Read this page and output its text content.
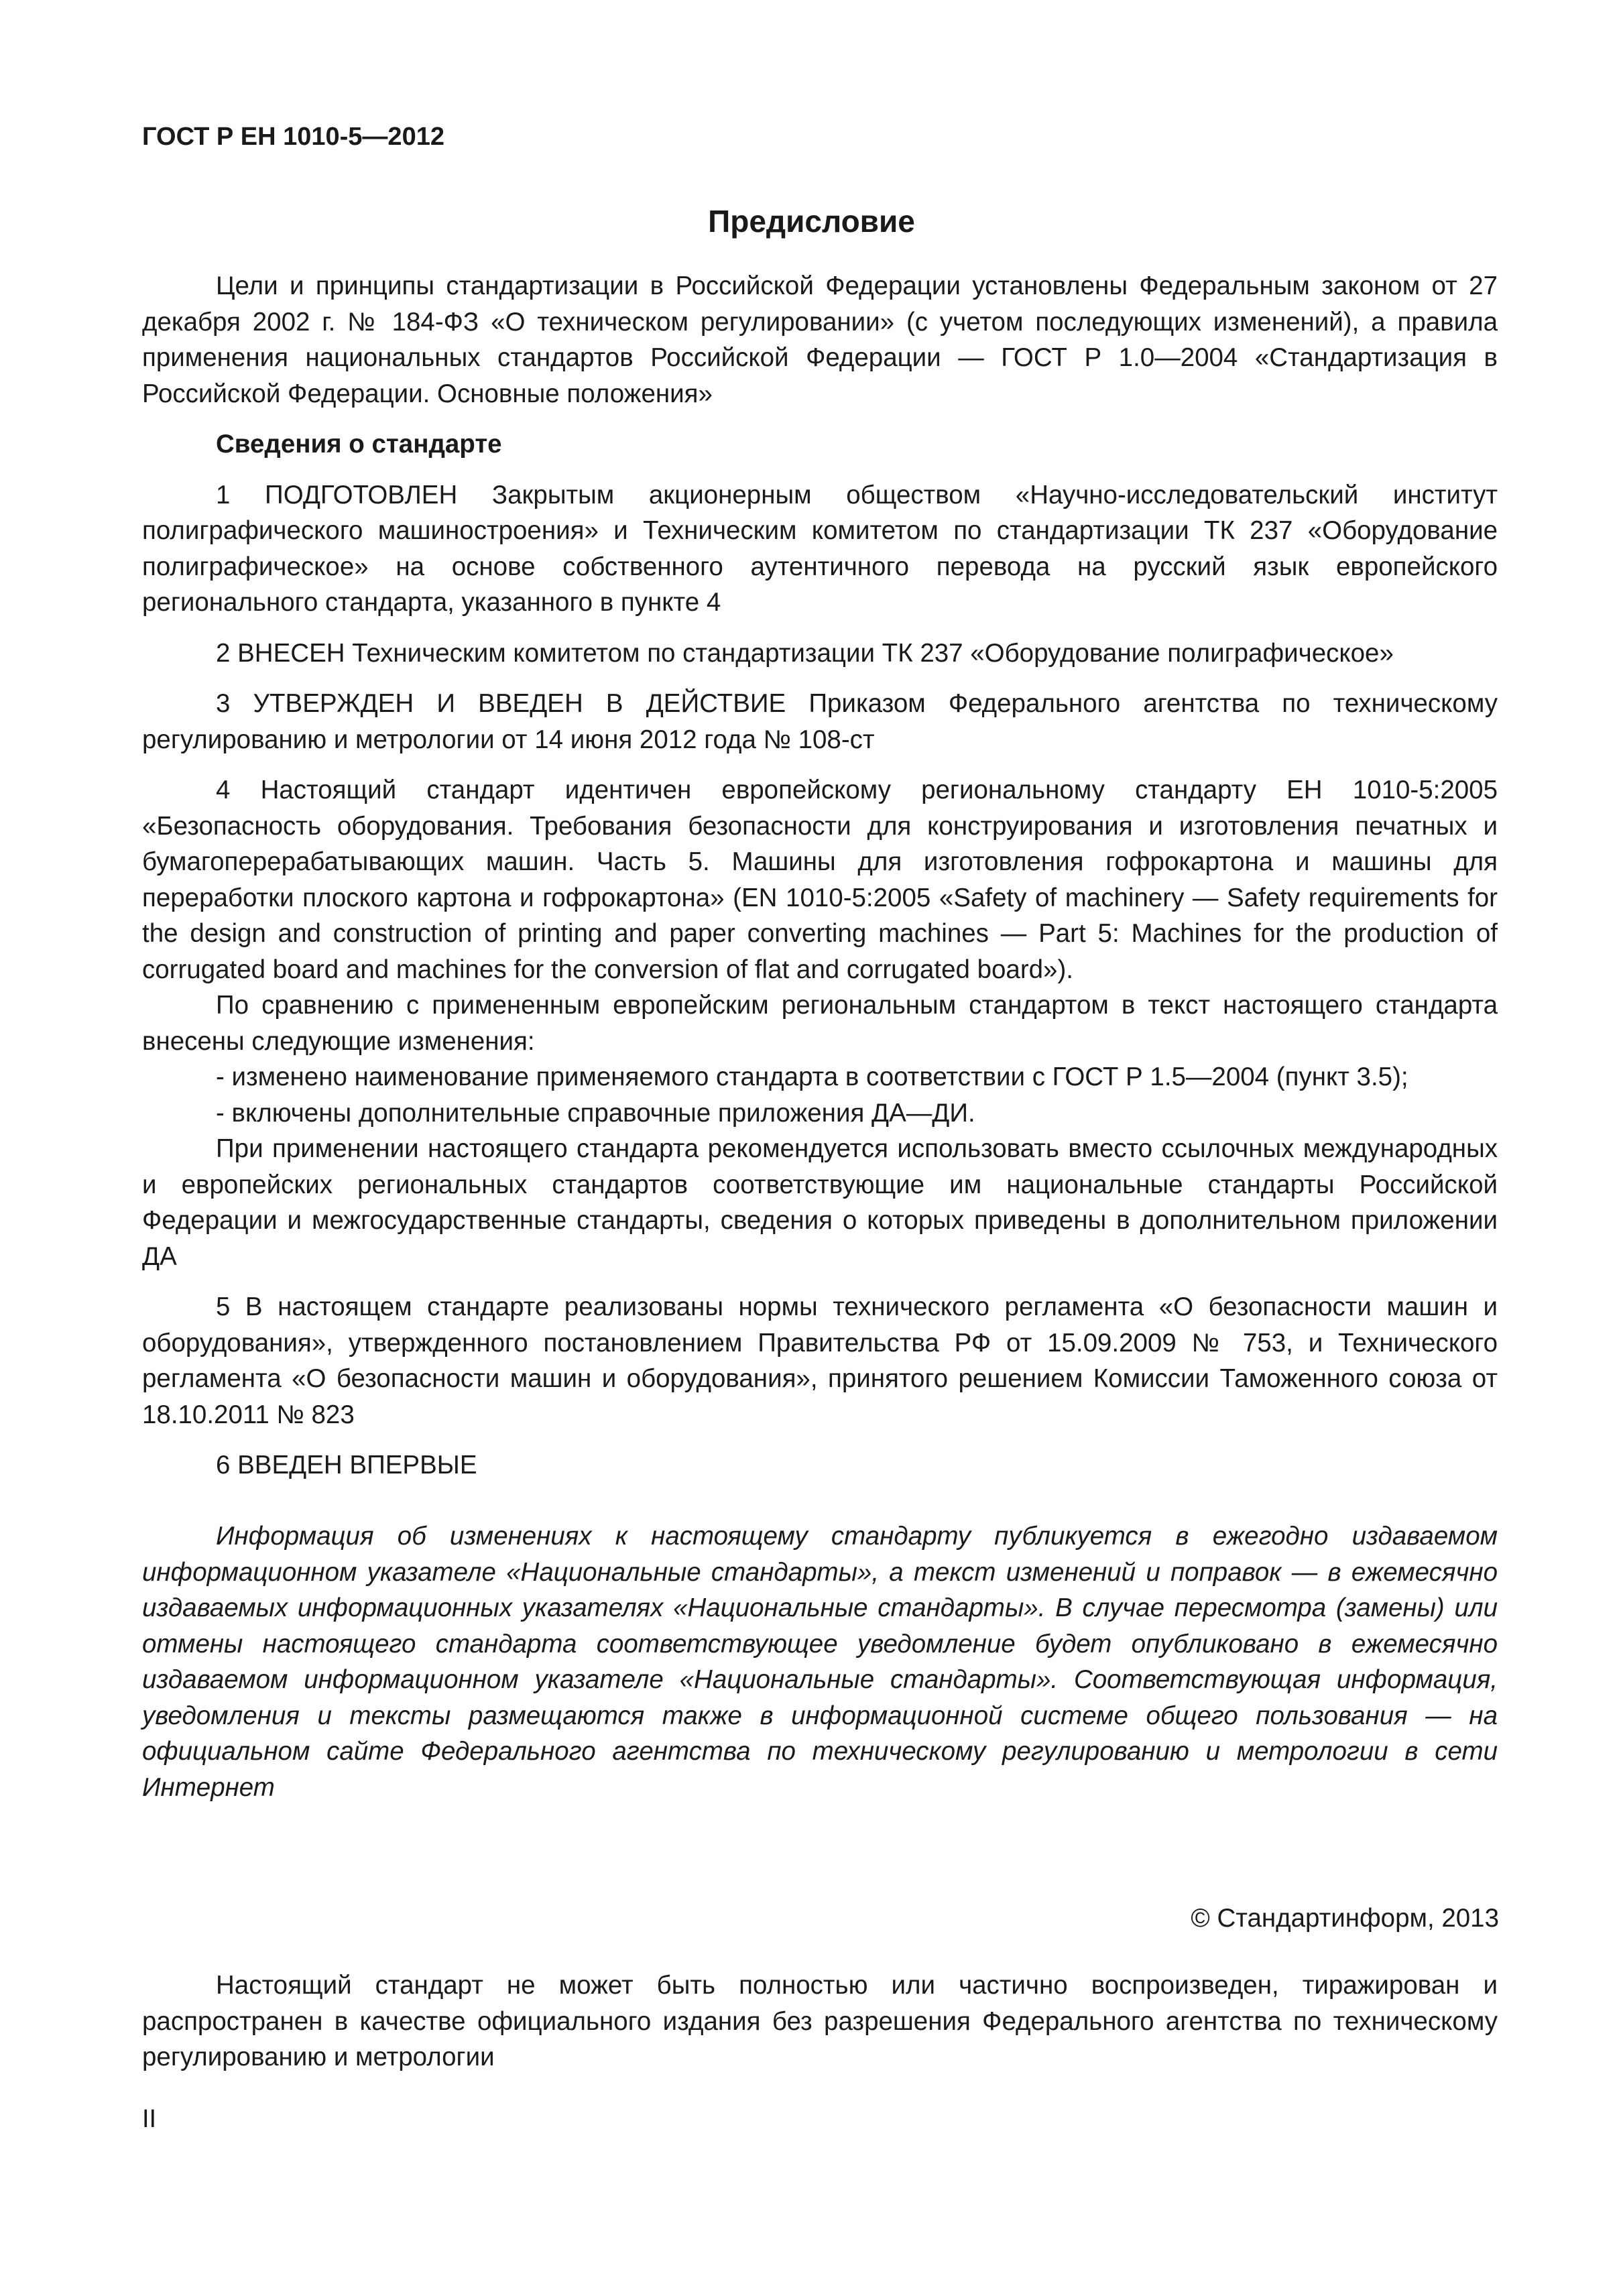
ГОСТ Р ЕН 1010-5—2012
Предисловие

Цели и принципы стандартизации в Российской Федерации установлены Федеральным законом от 27 декабря 2002 г. № 184-ФЗ «О техническом регулировании» (с учетом последующих изменений), а правила применения национальных стандартов Российской Федерации — ГОСТ Р 1.0—2004 «Стандартизация в Российской Федерации. Основные положения»

Сведения о стандарте

1 ПОДГОТОВЛЕН Закрытым акционерным обществом «Научно-исследовательский институт полиграфического машиностроения» и Техническим комитетом по стандартизации ТК 237 «Оборудование полиграфическое» на основе собственного аутентичного перевода на русский язык европейского регионального стандарта, указанного в пункте 4

2 ВНЕСЕН Техническим комитетом по стандартизации ТК 237 «Оборудование полиграфическое»

3 УТВЕРЖДЕН И ВВЕДЕН В ДЕЙСТВИЕ Приказом Федерального агентства по техническому регулированию и метрологии от 14 июня 2012 года № 108-ст

4 Настоящий стандарт идентичен европейскому региональному стандарту ЕН 1010-5:2005 «Безопасность оборудования. Требования безопасности для конструирования и изготовления печатных и бумагоперерабатывающих машин. Часть 5. Машины для изготовления гофрокартона и машины для переработки плоского картона и гофрокартона» (EN 1010-5:2005 «Safety of machinery — Safety requirements for the design and construction of printing and paper converting machines — Part 5: Machines for the production of corrugated board and machines for the conversion of flat and corrugated board»).

По сравнению с примененным европейским региональным стандартом в текст настоящего стандарта внесены следующие изменения:

- изменено наименование применяемого стандарта в соответствии с ГОСТ Р 1.5—2004 (пункт 3.5);

- включены дополнительные справочные приложения ДА—ДИ.

При применении настоящего стандарта рекомендуется использовать вместо ссылочных международных и европейских региональных стандартов соответствующие им национальные стандарты Российской Федерации и межгосударственные стандарты, сведения о которых приведены в дополнительном приложении ДА

5 В настоящем стандарте реализованы нормы технического регламента «О безопасности машин и оборудования», утвержденного постановлением Правительства РФ от 15.09.2009 № 753, и Технического регламента «О безопасности машин и оборудования», принятого решением Комиссии Таможенного союза от 18.10.2011 № 823

6 ВВЕДЕН ВПЕРВЫЕ

Информация об изменениях к настоящему стандарту публикуется в ежегодно издаваемом информационном указателе «Национальные стандарты», а текст изменений и поправок — в ежемесячно издаваемых информационных указателях «Национальные стандарты». В случае пересмотра (замены) или отмены настоящего стандарта соответствующее уведомление будет опубликовано в ежемесячно издаваемом информационном указателе «Национальные стандарты». Соответствующая информация, уведомления и тексты размещаются также в информационной системе общего пользования — на официальном сайте Федерального агентства по техническому регулированию и метрологии в сети Интернет

© Стандартинформ, 2013

Настоящий стандарт не может быть полностью или частично воспроизведен, тиражирован и распространен в качестве официального издания без разрешения Федерального агентства по техническому регулированию и метрологии

II
